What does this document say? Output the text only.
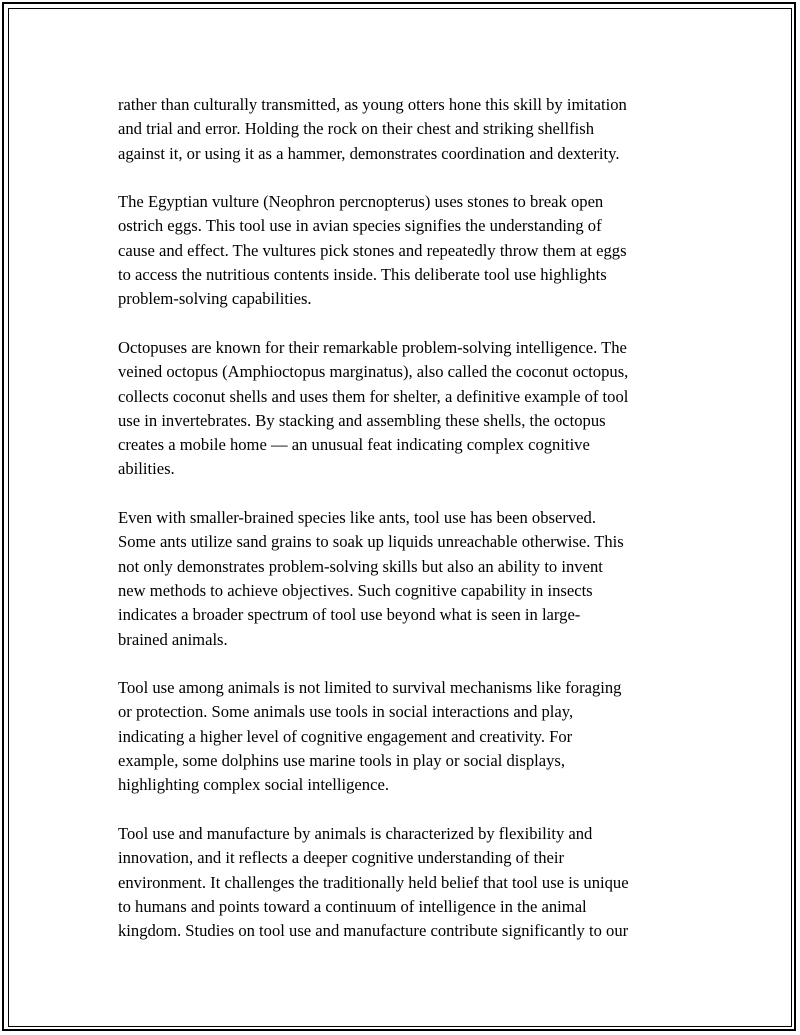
rather than culturally transmitted, as young otters hone this skill by imitation
and trial and error. Holding the rock on their chest and striking shellfish
against it, or using it as a hammer, demonstrates coordination and dexterity.

The Egyptian vulture (Neophron percnopterus) uses stones to break open
ostrich eggs. This tool use in avian species signifies the understanding of
cause and effect. The vultures pick stones and repeatedly throw them at eggs
to access the nutritious contents inside. This deliberate tool use highlights
problem-solving capabilities.

Octopuses are known for their remarkable problem-solving intelligence. The
veined octopus (Amphioctopus marginatus), also called the coconut octopus,
collects coconut shells and uses them for shelter, a definitive example of tool
use in invertebrates. By stacking and assembling these shells, the octopus
creates a mobile home — an unusual feat indicating complex cognitive
abilities.

Even with smaller-brained species like ants, tool use has been observed.
Some ants utilize sand grains to soak up liquids unreachable otherwise. This
not only demonstrates problem-solving skills but also an ability to invent
new methods to achieve objectives. Such cognitive capability in insects
indicates a broader spectrum of tool use beyond what is seen in large-
brained animals.

Tool use among animals is not limited to survival mechanisms like foraging
or protection. Some animals use tools in social interactions and play,
indicating a higher level of cognitive engagement and creativity. For
example, some dolphins use marine tools in play or social displays,
highlighting complex social intelligence.

Tool use and manufacture by animals is characterized by flexibility and
innovation, and it reflects a deeper cognitive understanding of their
environment. It challenges the traditionally held belief that tool use is unique
to humans and points toward a continuum of intelligence in the animal
kingdom. Studies on tool use and manufacture contribute significantly to our
